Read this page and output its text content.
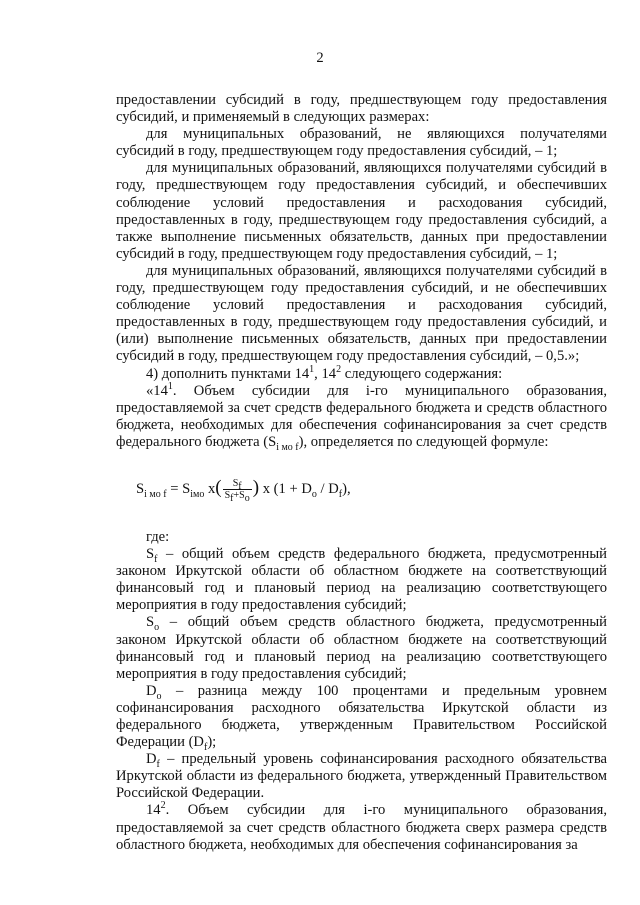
2

предоставлении субсидий в году, предшествующем году предоставления субсидий, и применяемый в следующих размерах:

для муниципальных образований, не являющихся получателями субсидий в году, предшествующем году предоставления субсидий, – 1;

для муниципальных образований, являющихся получателями субсидий в году, предшествующем году предоставления субсидий, и обеспечивших соблюдение условий предоставления и расходования субсидий, предоставленных в году, предшествующем году предоставления субсидий, а также выполнение письменных обязательств, данных при предоставлении субсидий в году, предшествующем году предоставления субсидий, – 1;

для муниципальных образований, являющихся получателями субсидий в году, предшествующем году предоставления субсидий, и не обеспечивших соблюдение условий предоставления и расходования субсидий, предоставленных в году, предшествующем году предоставления субсидий, и (или) выполнение письменных обязательств, данных при предоставлении субсидий в году, предшествующем году предоставления субсидий, – 0,5.»;

4) дополнить пунктами $14^1$, $14^2$ следующего содержания:

«$14^1$. Объем субсидии для i-го муниципального образования, предоставляемой за счет средств федерального бюджета и средств областного бюджета, необходимых для обеспечения софинансирования за счет средств федерального бюджета $(S_{i мо f})$, определяется по следующей формуле:

$S_{i мо f} = S_{iмо}$ $x( \frac{S_f}{S_f+S_o}$ ) x $(1 + D_o / D_f)$,

где:

$S_f$ – общий объем средств федерального бюджета, предусмотренный законом Иркутской области об областном бюджете на соответствующий финансовый год и плановый период на реализацию соответствующего мероприятия в году предоставления субсидий;

$S_o$ – общий объем средств областного бюджета, предусмотренный законом Иркутской области об областном бюджете на соответствующий финансовый год и плановый период на реализацию соответствующего мероприятия в году предоставления субсидий;

$D_o$ – разница между 100 процентами и предельным уровнем софинансирования расходного обязательства Иркутской области из федерального бюджета, утвержденным Правительством Российской Федерации $(D_f)$;

$D_f$ – предельный уровень софинансирования расходного обязательства Иркутской области из федерального бюджета, утвержденный Правительством Российской Федерации.

$14^2$. Объем субсидии для i-го муниципального образования, предоставляемой за счет средств областного бюджета сверх размера средств областного бюджета, необходимых для обеспечения софинансирования за
